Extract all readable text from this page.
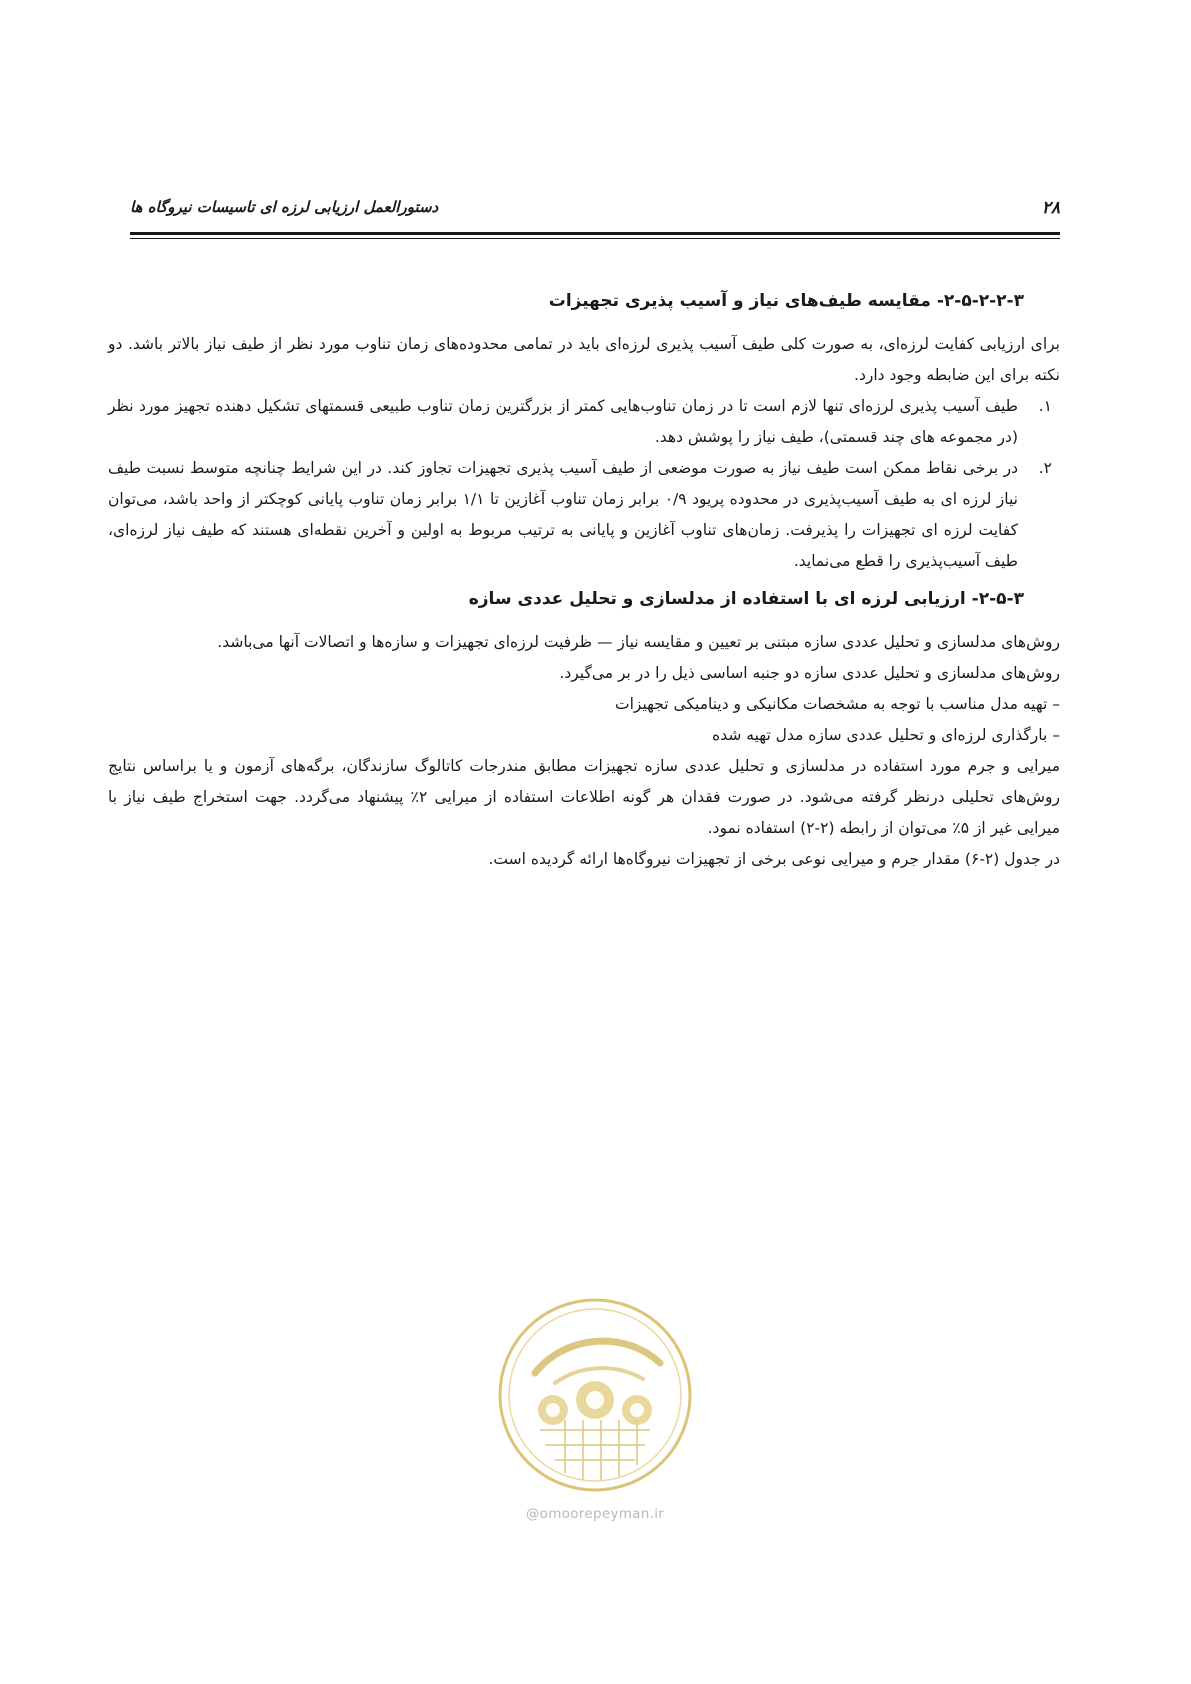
۲۸
دستورالعمل ارزیابی لرزه ای تاسیسات نیروگاه ها
۲-۵-۲-۲-۳- مقایسه طیف‌های نیاز و آسیب پذیری تجهیزات

برای ارزیابی کفایت لرزه‌ای، به صورت کلی طیف آسیب پذیری لرزه‌ای باید در تمامی محدوده‌های زمان تناوب مورد نظر از طیف نیاز بالاتر باشد. دو نکته برای این ضابطه وجود دارد.

۱.
طیف آسیب پذیری لرزه‌ای تنها لازم است تا در زمان تناوب‌هایی کمتر از بزرگترین زمان تناوب طبیعی قسمتهای تشکیل دهنده تجهیز مورد نظر (در مجموعه های چند قسمتی)، طیف نیاز را پوشش دهد.
۲.
در برخی نقاط ممکن است طیف نیاز به صورت موضعی از طیف آسیب پذیری تجهیزات تجاوز کند. در این شرایط چنانچه متوسط نسبت طیف نیاز لرزه ای به طیف آسیب‌پذیری در محدوده پریود ۰/۹ برابر زمان تناوب آغازین تا ۱/۱ برابر زمان تناوب پایانی کوچکتر از واحد باشد، می‌توان کفایت لرزه ای تجهیزات را پذیرفت. زمان‌های تناوب آغازین و پایانی به ترتیب مربوط به اولین و آخرین نقطه‌ای هستند که طیف نیاز لرزه‌ای، طیف آسیب‌پذیری را قطع می‌نماید.
۲-۵-۳- ارزیابی لرزه ای با استفاده از مدلسازی و تحلیل عددی سازه

روش‌های مدلسازی و تحلیل عددی سازه مبتنی بر تعیین و مقایسه نیاز — ظرفیت لرزه‌ای تجهیزات و سازه‌ها و اتصالات آنها می‌باشد.

روش‌های مدلسازی و تحلیل عددی سازه دو جنبه اساسی ذیل را در بر می‌گیرد.

– تهیه مدل مناسب با توجه به مشخصات مکانیکی و دینامیکی تجهیزات

– بارگذاری لرزه‌ای و تحلیل عددی سازه مدل تهیه شده

میرایی و جرم مورد استفاده در مدلسازی و تحلیل عددی سازه تجهیزات مطابق مندرجات کاتالوگ سازندگان، برگه‌های آزمون و یا براساس نتایج روش‌های تحلیلی درنظر گرفته می‌شود. در صورت فقدان هر گونه اطلاعات استفاده از میرایی ۲٪ پیشنهاد می‌گردد. جهت استخراج طیف نیاز با میرایی غیر از ۵٪ می‌توان از رابطه (۲-۲) استفاده نمود.

در جدول (۲-۶) مقدار جرم و میرایی نوعی برخی از تجهیزات نیروگاه‌ها ارائه گردیده است.

@omoorepeyman.ir
